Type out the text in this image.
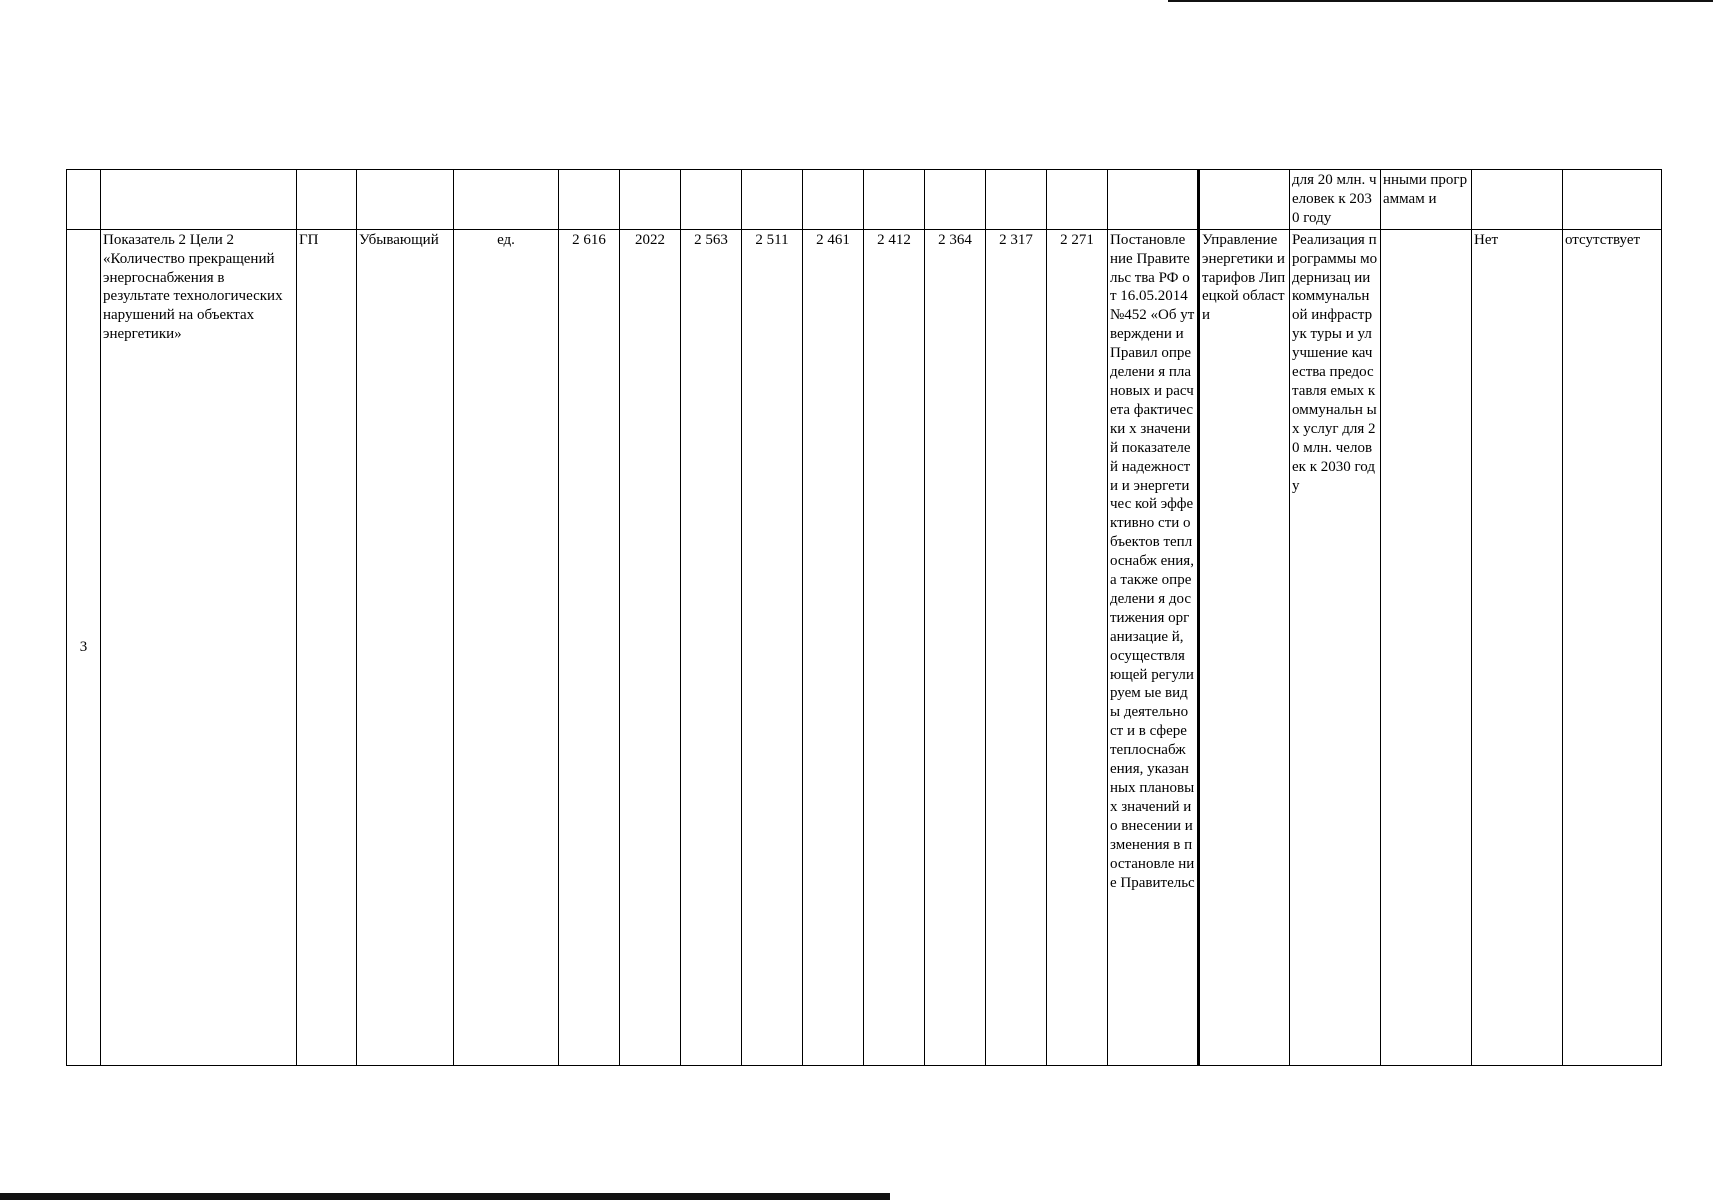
																для 20 млн. человек к 2030 году	нными программам и		
3	Показатель 2 Цели 2 «Количество прекращений энергоснабжения в результате технологических нарушений на объектах энергетики»	ГП	Убывающий	ед.	2 616	2022	2 563	2 511	2 461	2 412	2 364	2 317	2 271	Постановле ние Правительс тва РФ от 16.05.2014 №452 «Об утверждени и Правил определени я плановых и расчета фактически х значений показателей надежности и энергетичес кой эффективно сти объектов теплоснабж ения, а также определени я достижения организацие й, осуществля ющей регулируем ые виды деятельност и в сфере теплоснабж ения, указанных плановых значений и о внесении изменения в постановле ние Правительс	Управление энергетики и тарифов Липецкой области	Реализация программы модернизац ии коммунальн ой инфраструк туры и улучшение качества предоставля емых коммунальн ых услуг для 20 млн. человек к 2030 году		Нет	отсутствует
